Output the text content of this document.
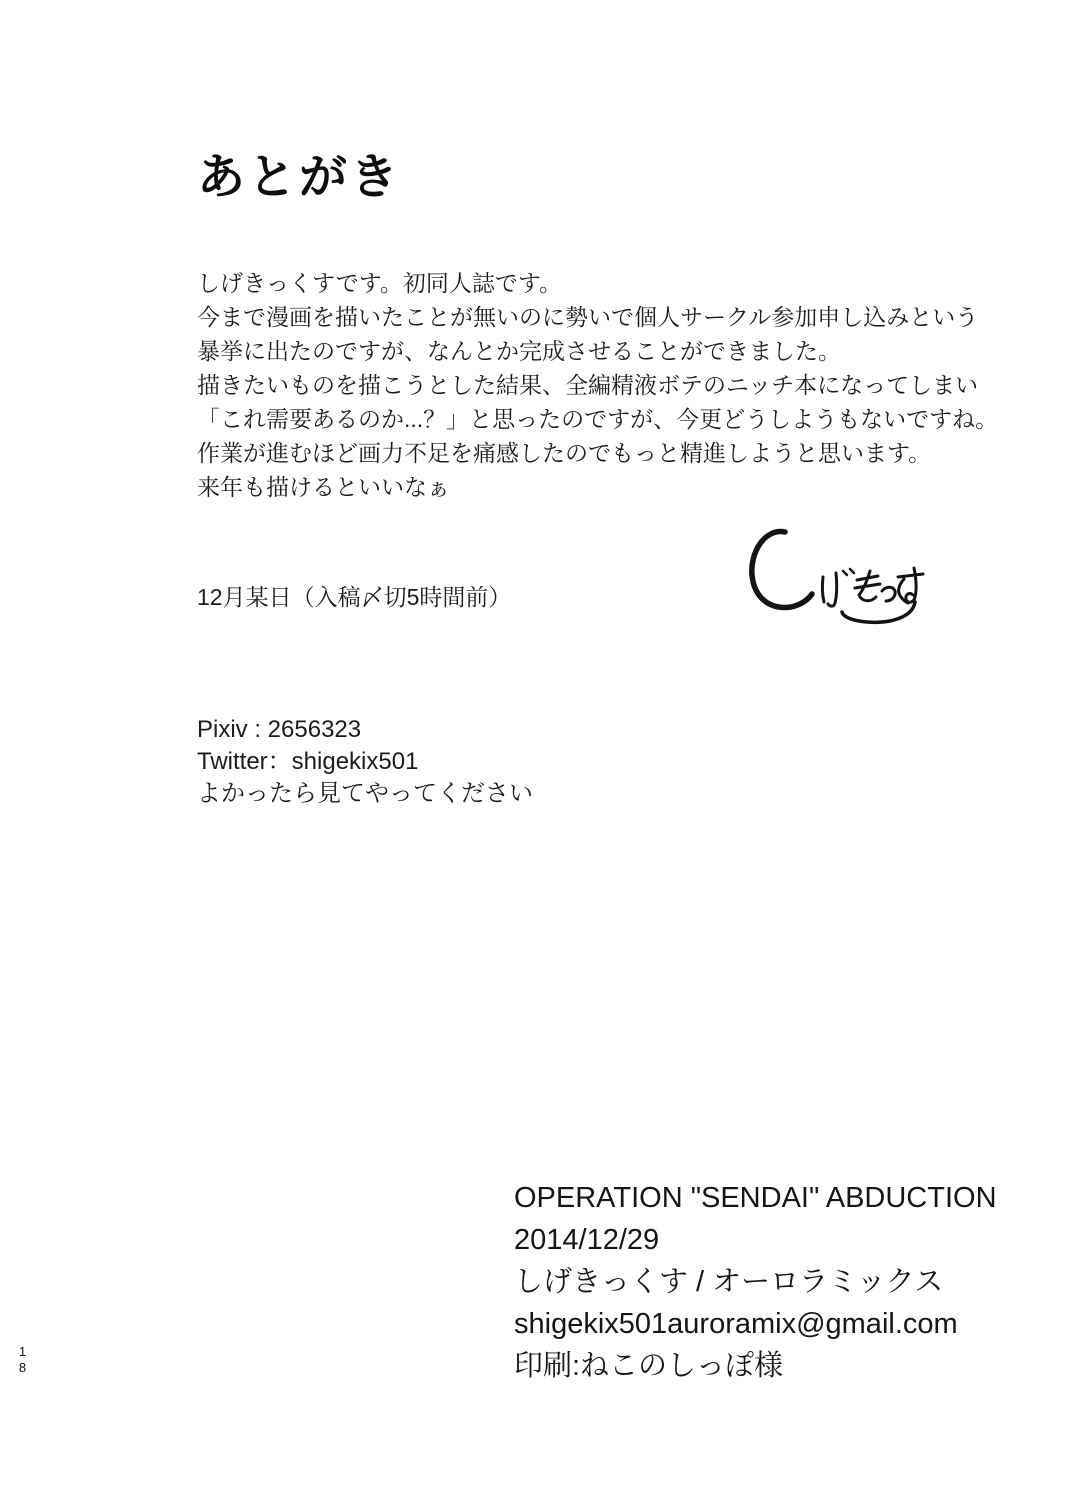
あとがき
しげきっくすです。初同人誌です。
今まで漫画を描いたことが無いのに勢いで個人サークル参加申し込みという
暴挙に出たのですが、なんとか完成させることができました。
描きたいものを描こうとした結果、全編精液ボテのニッチ本になってしまい
「これ需要あるのか...？」と思ったのですが、今更どうしようもないですね。
作業が進むほど画力不足を痛感したのでもっと精進しようと思います。
来年も描けるといいなぁ
12月某日（入稿〆切5時間前）
Pixiv : 2656323
Twitter：shigekix501
よかったら見てやってください
OPERATION "SENDAI" ABDUCTION
2014/12/29
しげきっくす / オーロラミックス
shigekix501auroramix@gmail.com
印刷:ねこのしっぽ様
18
